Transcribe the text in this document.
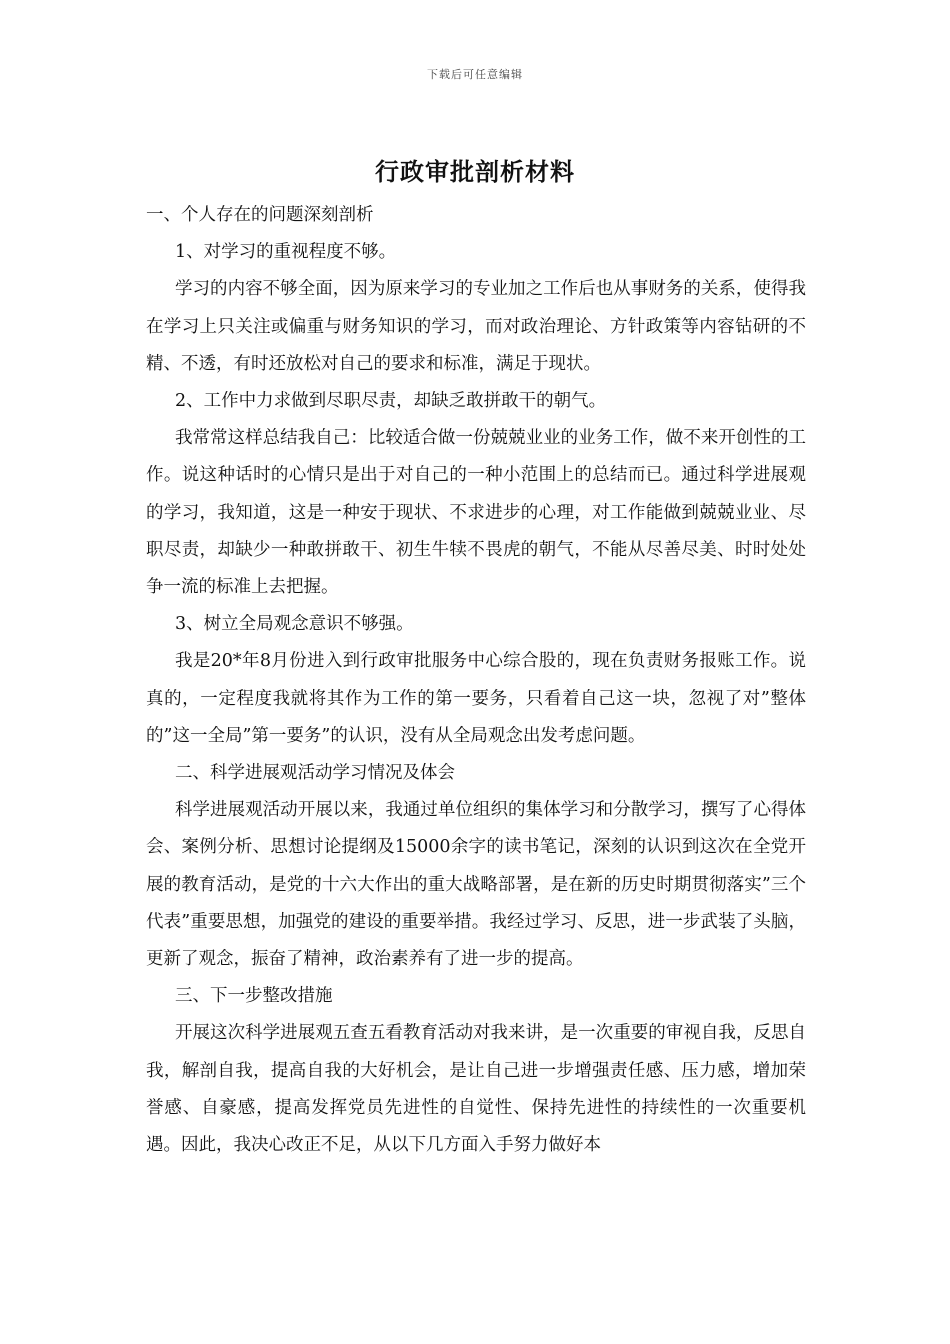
下载后可任意编辑
行政审批剖析材料

一、个人存在的问题深刻剖析

1、对学习的重视程度不够。

学习的内容不够全面，因为原来学习的专业加之工作后也从事财务的关系，使得我在学习上只关注或偏重与财务知识的学习，而对政治理论、方针政策等内容钻研的不精、不透，有时还放松对自己的要求和标准，满足于现状。

2、工作中力求做到尽职尽责，却缺乏敢拼敢干的朝气。

我常常这样总结我自己：比较适合做一份兢兢业业的业务工作，做不来开创性的工作。说这种话时的心情只是出于对自己的一种小范围上的总结而已。通过科学进展观的学习，我知道，这是一种安于现状、不求进步的心理，对工作能做到兢兢业业、尽职尽责，却缺少一种敢拼敢干、初生牛犊不畏虎的朝气，不能从尽善尽美、时时处处争一流的标准上去把握。

3、树立全局观念意识不够强。

我是20*年8月份进入到行政审批服务中心综合股的，现在负责财务报账工作。说真的，一定程度我就将其作为工作的第一要务，只看着自己这一块，忽视了对”整体的”这一全局”第一要务”的认识，没有从全局观念出发考虑问题。

二、科学进展观活动学习情况及体会

科学进展观活动开展以来，我通过单位组织的集体学习和分散学习，撰写了心得体会、案例分析、思想讨论提纲及15000余字的读书笔记，深刻的认识到这次在全党开展的教育活动，是党的十六大作出的重大战略部署，是在新的历史时期贯彻落实”三个代表”重要思想，加强党的建设的重要举措。我经过学习、反思，进一步武装了头脑，更新了观念，振奋了精神，政治素养有了进一步的提高。

三、下一步整改措施

开展这次科学进展观五查五看教育活动对我来讲，是一次重要的审视自我，反思自我，解剖自我，提高自我的大好机会，是让自己进一步增强责任感、压力感，增加荣誉感、自豪感，提高发挥党员先进性的自觉性、保持先进性的持续性的一次重要机遇。因此，我决心改正不足，从以下几方面入手努力做好本
